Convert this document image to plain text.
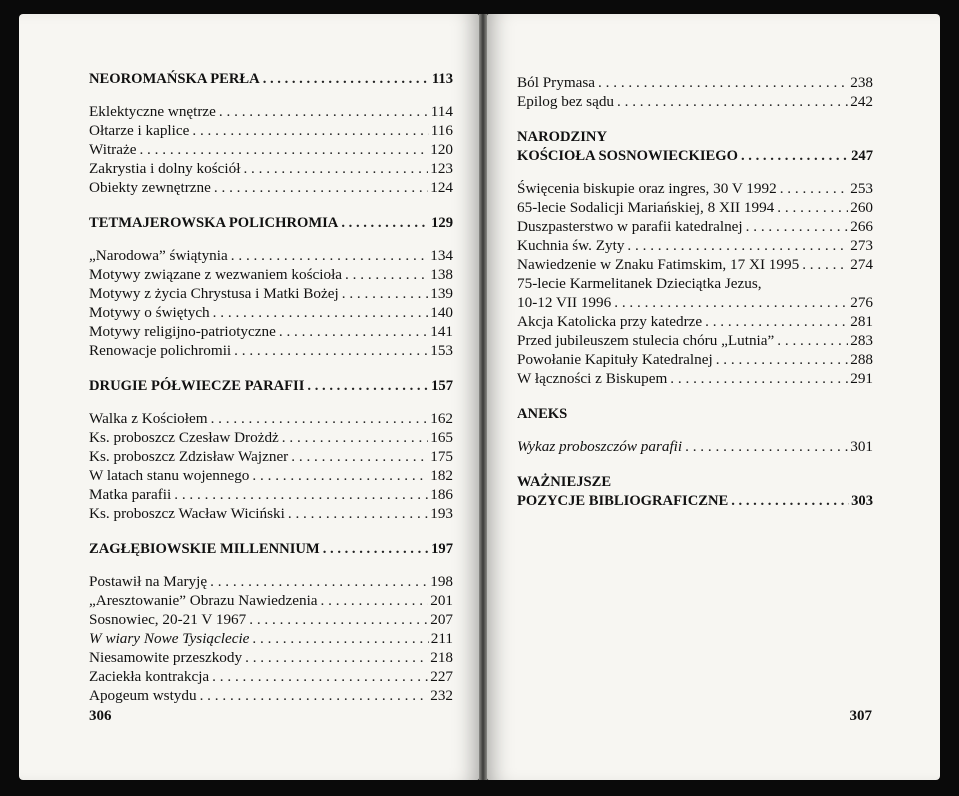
NEOROMAŃSKA PERŁA . . .	113
Eklektyczne wnętrze . . .	114
Ołtarze i kaplice . . .	116
Witraże . . .	120
Zakrystia i dolny kościół . . .	123
Obiekty zewnętrzne . . .	124
TETMAJEROWSKA POLICHROMIA . . .	129
„Narodowa” świątynia . . .	134
Motywy związane z wezwaniem kościoła . . .	138
Motywy z życia Chrystusa i Matki Bożej . . .	139
Motywy o świętych . . .	140
Motywy religijno-patriotyczne . . .	141
Renowacje polichromii . . .	153
DRUGIE PÓŁWIECZE PARAFII . . .	157
Walka z Kościołem . . .	162
Ks. proboszcz Czesław Drożdż . . .	165
Ks. proboszcz Zdzisław Wajzner . . .	175
W latach stanu wojennego . . .	182
Matka parafii . . .	186
Ks. proboszcz Wacław Wiciński . . .	193
ZAGŁĘBIOWSKIE MILLENNIUM . . .	197
Postawił na Maryję . . .	198
„Aresztowanie” Obrazu Nawiedzenia . . .	201
Sosnowiec, 20-21 V 1967 . . .	207
W wiary Nowe Tysiąclecie . . .	211
Niesamowite przeszkody . . .	218
Zaciekła kontrakcja . . .	227
Apogeum wstydu . . .	232
306
Ból Prymasa . . .	238
Epilog bez sądu . . .	242
NARODZINY
KOŚCIOŁA SOSNOWIECKIEGO . . .	247
Święcenia biskupie oraz ingres, 30 V 1992 . . .	253
65-lecie Sodalicji Mariańskiej, 8 XII 1994 . . .	260
Duszpasterstwo w parafii katedralnej . . .	266
Kuchnia św. Zyty . . .	273
Nawiedzenie w Znaku Fatimskim, 17 XI 1995 . . .	274
75-lecie Karmelitanek Dzieciątka Jezus,
10-12 VII 1996 . . .	276
Akcja Katolicka przy katedrze . . .	281
Przed jubileuszem stulecia chóru „Lutnia” . . .	283
Powołanie Kapituły Katedralnej . . .	288
W łączności z Biskupem . . .	291
ANEKS
Wykaz proboszczów parafii . . .	301
WAŻNIEJSZE
POZYCJE BIBLIOGRAFICZNE . . .	303
307
